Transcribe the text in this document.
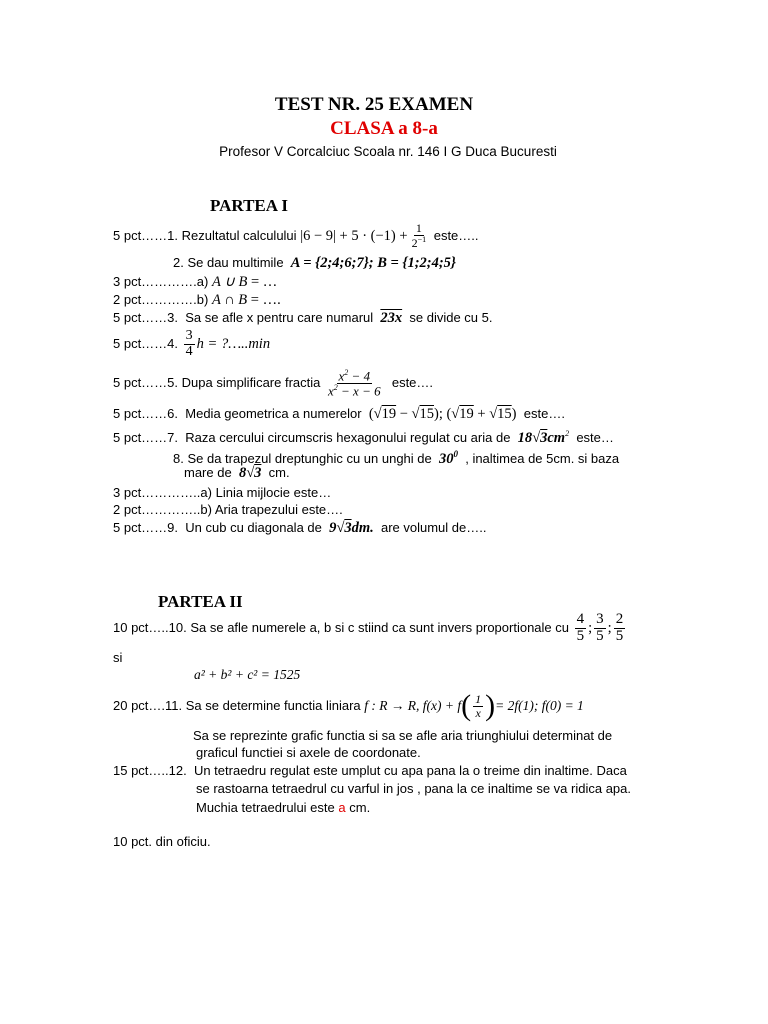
TEST NR. 25 EXAMEN
CLASA a 8-a
Profesor V Corcalciuc Scoala nr. 146 I G Duca Bucuresti
PARTEA I
5 pct……1.
Rezultatul calculului
$|6 - 9| + 5 \cdot (-1) + \frac{1}{2^{-1}}$
este…..
2. Se dau multimile A = {2;4;6;7}; B = {1;2;4;5}
3 pct………….a) A ∪ B = …
2 pct………….b) A ∩ B = ….
5 pct……3. Sa se afle x pentru care numarul 23x se divide cu 5.
5 pct……4.
$\frac{3}{4}$ h = ?…..min
5 pct……5.
Dupa simplificare fractia
$\frac{x^2 - 4}{x^2 - x - 6}$
este….
5 pct……6. Media geometrica a numerelor (√19 − √15); (√19 + √15) este….
5 pct……7. Raza cercului circumscris hexagonului regulat cu aria de $18√3cm^2$ este…
8. Se da trapezul dreptunghic cu un unghi de $30^0$ , inaltimea de 5cm. si baza
mare de 8√3 cm.
3 pct…………..a) Linia mijlocie este…
2 pct…………..b) Aria trapezului este….
5 pct……9. Un cub cu diagonala de 9√3dm. are volumul de…..
PARTEA II
10 pct…..10.
Sa se afle numerele a, b si c stiind ca sunt invers proportionale cu
$\frac{4}{5}$ ; $\frac{3}{5}$ ; $\frac{2}{5}$
si
a² + b² + c² = 1525
20 pct….11.
Sa se determine functia liniara
f : R → R, f(x) + f ( $\frac{1}{x}$ ) = 2f(1); f(0) = 1
Sa se reprezinte grafic functia si sa se afle aria triunghiului determinat de
graficul functiei si axele de coordonate.
15 pct…..12. Un tetraedru regulat este umplut cu apa pana la o treime din inaltime. Daca
se rastoarna tetraedrul cu varful in jos , pana la ce inaltime se va ridica apa.
Muchia tetraedrului este a cm.
10 pct. din oficiu.
